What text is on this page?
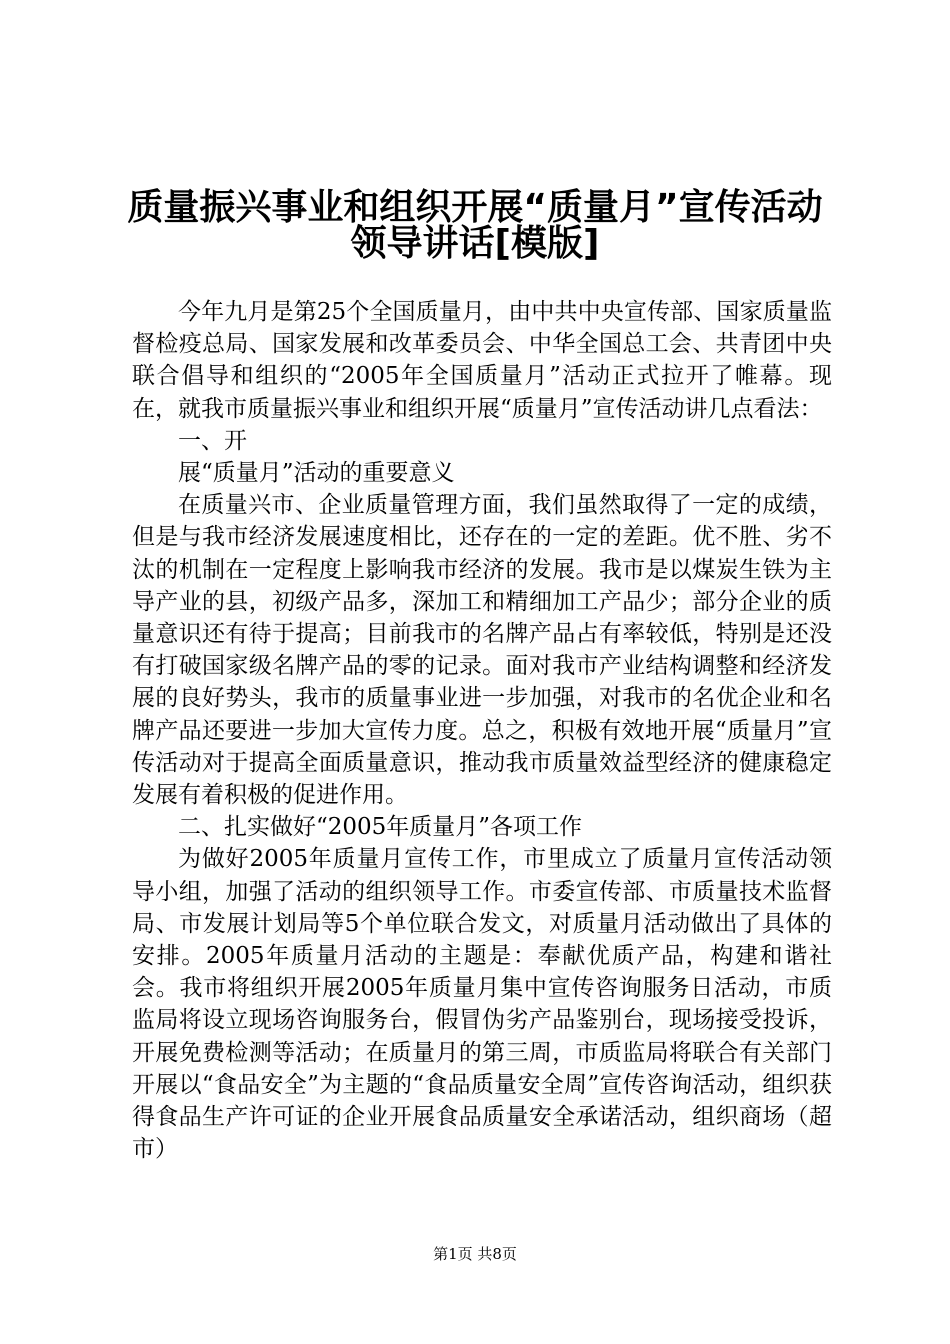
质量振兴事业和组织开展“质量月”宣传活动
领导讲话[模版]

今年九月是第25个全国质量月，由中共中央宣传部、国家质量监督检疫总局、国家发展和改革委员会、中华全国总工会、共青团中央联合倡导和组织的“2005年全国质量月”活动正式拉开了帷幕。现在，就我市质量振兴事业和组织开展“质量月”宣传活动讲几点看法：

一、开

展“质量月”活动的重要意义

在质量兴市、企业质量管理方面，我们虽然取得了一定的成绩，但是与我市经济发展速度相比，还存在的一定的差距。优不胜、劣不汰的机制在一定程度上影响我市经济的发展。我市是以煤炭生铁为主导产业的县，初级产品多，深加工和精细加工产品少；部分企业的质量意识还有待于提高；目前我市的名牌产品占有率较低，特别是还没有打破国家级名牌产品的零的记录。面对我市产业结构调整和经济发展的良好势头，我市的质量事业进一步加强，对我市的名优企业和名牌产品还要进一步加大宣传力度。总之，积极有效地开展“质量月”宣传活动对于提高全面质量意识，推动我市质量效益型经济的健康稳定发展有着积极的促进作用。

二、扎实做好“2005年质量月”各项工作

为做好2005年质量月宣传工作，市里成立了质量月宣传活动领导小组，加强了活动的组织领导工作。市委宣传部、市质量技术监督局、市发展计划局等5个单位联合发文，对质量月活动做出了具体的安排。2005年质量月活动的主题是：奉献优质产品，构建和谐社会。我市将组织开展2005年质量月集中宣传咨询服务日活动，市质监局将设立现场咨询服务台，假冒伪劣产品鉴别台，现场接受投诉，开展免费检测等活动；在质量月的第三周，市质监局将联合有关部门开展以“食品安全”为主题的“食品质量安全周”宣传咨询活动，组织获得食品生产许可证的企业开展食品质量安全承诺活动，组织商场（超市）

第1页 共8页
